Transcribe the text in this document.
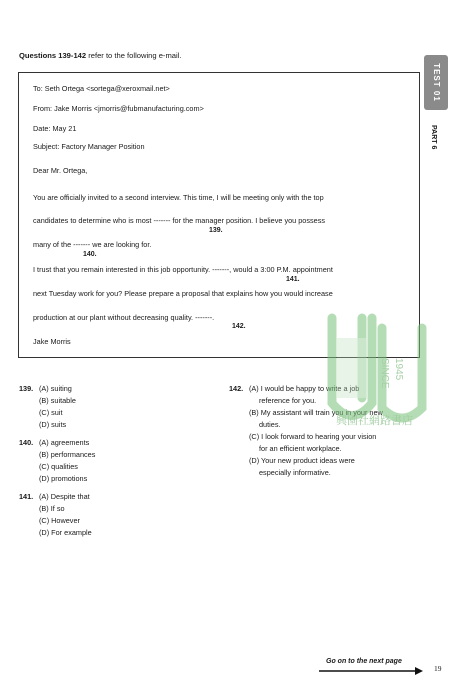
Questions 139-142 refer to the following e-mail.
TEST 01
PART 6
To: Seth Ortega <sortega@xeroxmail.net>
From: Jake Morris <jmorris@fubmanufacturing.com>
Date: May 21
Subject: Factory Manager Position
Dear Mr. Ortega,
You are officially invited to a second interview. This time, I will be meeting only with the top
candidates to determine who is most ------- for the manager position. I believe you possess
139.
many of the ------- we are looking for.
140.
I trust that you remain interested in this job opportunity. -------, would a 3:00 P.M. appointment
141.
next Tuesday work for you? Please prepare a proposal that explains how you would increase
production at our plant without decreasing quality. -------.
142.
Jake Morris
139. (A) suiting
(B) suitable
(C) suit
(D) suits
140. (A) agreements
(B) performances
(C) qualities
(D) promotions
141. (A) Despite that
(B) If so
(C) However
(D) For example
142. (A) I would be happy to write a job
reference for you.
(B) My assistant will train you in your new
duties.
(C) I look forward to hearing your vision
for an efficient workplace.
(D) Your new product ideas were
especially informative.
SINCE 1945
興園社網路書店
Go on to the next page
19
